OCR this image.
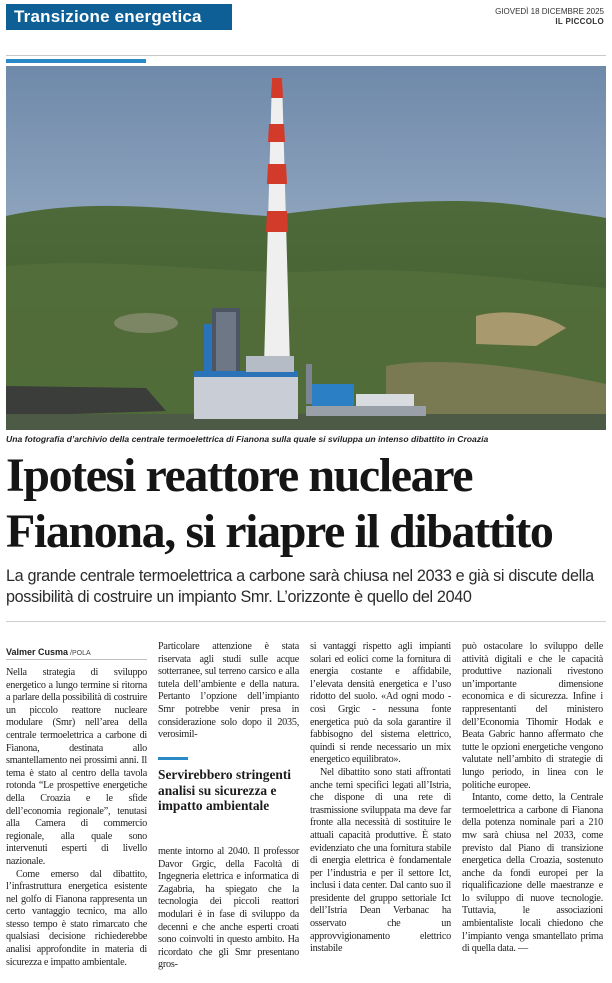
Transizione energetica	GIOVEDÌ 18 DICEMBRE 2025
IL PICCOLO
Una fotografia d’archivio della centrale termoelettrica di Fianona sulla quale si sviluppa un intenso dibattito in Croazia
Ipotesi reattore nucleare
Fianona, si riapre il dibattito

La grande centrale termoelettrica a carbone sarà chiusa nel 2033 e già si discute della possibilità di costruire un impianto Smr. L’orizzonte è quello del 2040

Valmer Cusma /POLA

Nella strategia di sviluppo energetico a lungo termine si ritorna a parlare della possibilità di costruire un piccolo reattore nucleare modulare (Smr) nell’area della centrale termoelettrica a carbone di Fianona, destinata allo smantellamento nei prossimi anni. Il tema è stato al centro della tavola rotonda “Le prospettive energetiche della Croazia e le sfide dell’economia regionale”, tenutasi alla Camera di commercio regionale, alla quale sono intervenuti esperti di livello nazionale.

Come emerso dal dibattito, l’infrastruttura energetica esistente nel golfo di Fianona rappresenta un certo vantaggio tecnico, ma allo stesso tempo è stato rimarcato che qualsiasi decisione richiederebbe analisi approfondite in materia di sicurezza e impatto ambientale.

Particolare attenzione è stata riservata agli studi sulle acque sotterranee, sul terreno carsico e alla tutela dell’ambiente e della natura. Pertanto l’opzione dell’impianto Smr potrebbe venir presa in considerazione solo dopo il 2035, verosimil-

Servirebbero stringenti analisi su sicurezza e impatto ambientale

mente intorno al 2040. Il professor Davor Grgic, della Facoltà di Ingegneria elettrica e informatica di Zagabria, ha spiegato che la tecnologia dei piccoli reattori modulari è in fase di sviluppo da decenni e che anche esperti croati sono coinvolti in questo ambito. Ha ricordato che gli Smr presentano gros-

si vantaggi rispetto agli impianti solari ed eolici come la fornitura di energia costante e affidabile, l’elevata densità energetica e l’uso ridotto del suolo. «Ad ogni modo - così Grgic - nessuna fonte energetica può da sola garantire il fabbisogno del sistema elettrico, quindi si rende necessario un mix energetico equilibrato».

Nel dibattito sono stati affrontati anche temi specifici legati all’Istria, che dispone di una rete di trasmissione sviluppata ma deve far fronte alla necessità di sostituire le attuali capacità produttive. È stato evidenziato che una fornitura stabile di energia elettrica è fondamentale per l’industria e per il settore Ict, inclusi i data center. Dal canto suo il presidente del gruppo settoriale Ict dell’Istria Dean Verbanac ha osservato che un approvvigionamento elettrico instabile

può ostacolare lo sviluppo delle attività digitali e che le capacità produttive nazionali rivestono un’importante dimensione economica e di sicurezza. Infine i rappresentanti del ministero dell’Economia Tihomir Hodak e Beata Gabric hanno affermato che tutte le opzioni energetiche vengono valutate nell’ambito di strategie di lungo periodo, in linea con le politiche europee.

Intanto, come detto, la Centrale termoelettrica a carbone di Fianona della potenza nominale pari a 210 mw sarà chiusa nel 2033, come previsto dal Piano di transizione energetica della Croazia, sostenuto anche da fondi europei per la riqualificazione delle maestranze e lo sviluppo di nuove tecnologie. Tuttavia, le associazioni ambientaliste locali chiedono che l’impianto venga smantellato prima di quella data. —
